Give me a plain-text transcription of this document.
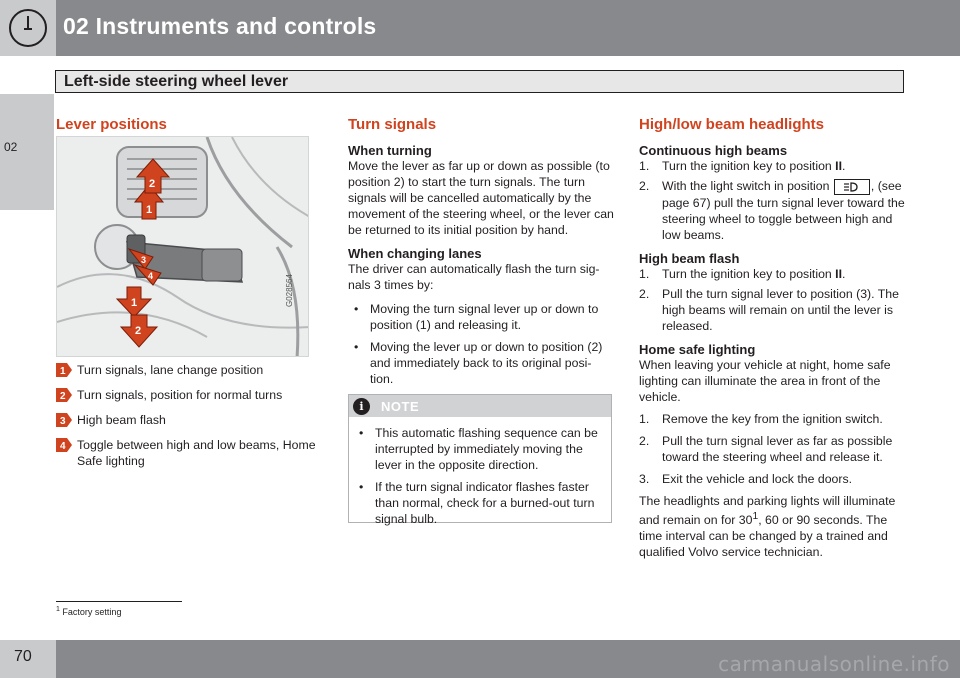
02 Instruments and controls
Left-side steering wheel lever
02
Lever positions
1
2
1
2
3
4	G028564
1 Turn signals, lane change position
2 Turn signals, position for normal turns
3 High beam flash
4 Toggle between high and low beams, Home Safe lighting
Turn signals
When turning
Move the lever as far up or down as possible (to position 2) to start the turn signals. The turn signals will be cancelled automatically by the movement of the steering wheel, or the lever can be returned to its initial position by hand.
When changing lanes
The driver can automatically flash the turn sig-nals 3 times by:
• Moving the turn signal lever up or down to position (1) and releasing it.
• Moving the lever up or down to position (2) and immediately back to its original posi-tion.
i	NOTE
• This automatic flashing sequence can be interrupted by immediately moving the lever in the opposite direction.
• If the turn signal indicator flashes faster than normal, check for a burned-out turn signal bulb.
High/low beam headlights
Continuous high beams
1.	Turn the ignition key to position II.
2.	With the light switch in position	, (see page 67) pull the turn signal lever toward the steering wheel to toggle between high and low beams.
High beam flash
1.	Turn the ignition key to position II.
2.	Pull the turn signal lever to position (3). The high beams will remain on until the lever is released.
Home safe lighting
When leaving your vehicle at night, home safe lighting can illuminate the area in front of the vehicle.
1.	Remove the key from the ignition switch.
2.	Pull the turn signal lever as far as possible toward the steering wheel and release it.
3.	Exit the vehicle and lock the doors.
The headlights and parking lights will illuminate and remain on for $30^1$, 60 or 90 seconds. The time interval can be changed by a trained and qualified Volvo service technician.
$^1$ Factory setting
70	carmanualsonline.info
